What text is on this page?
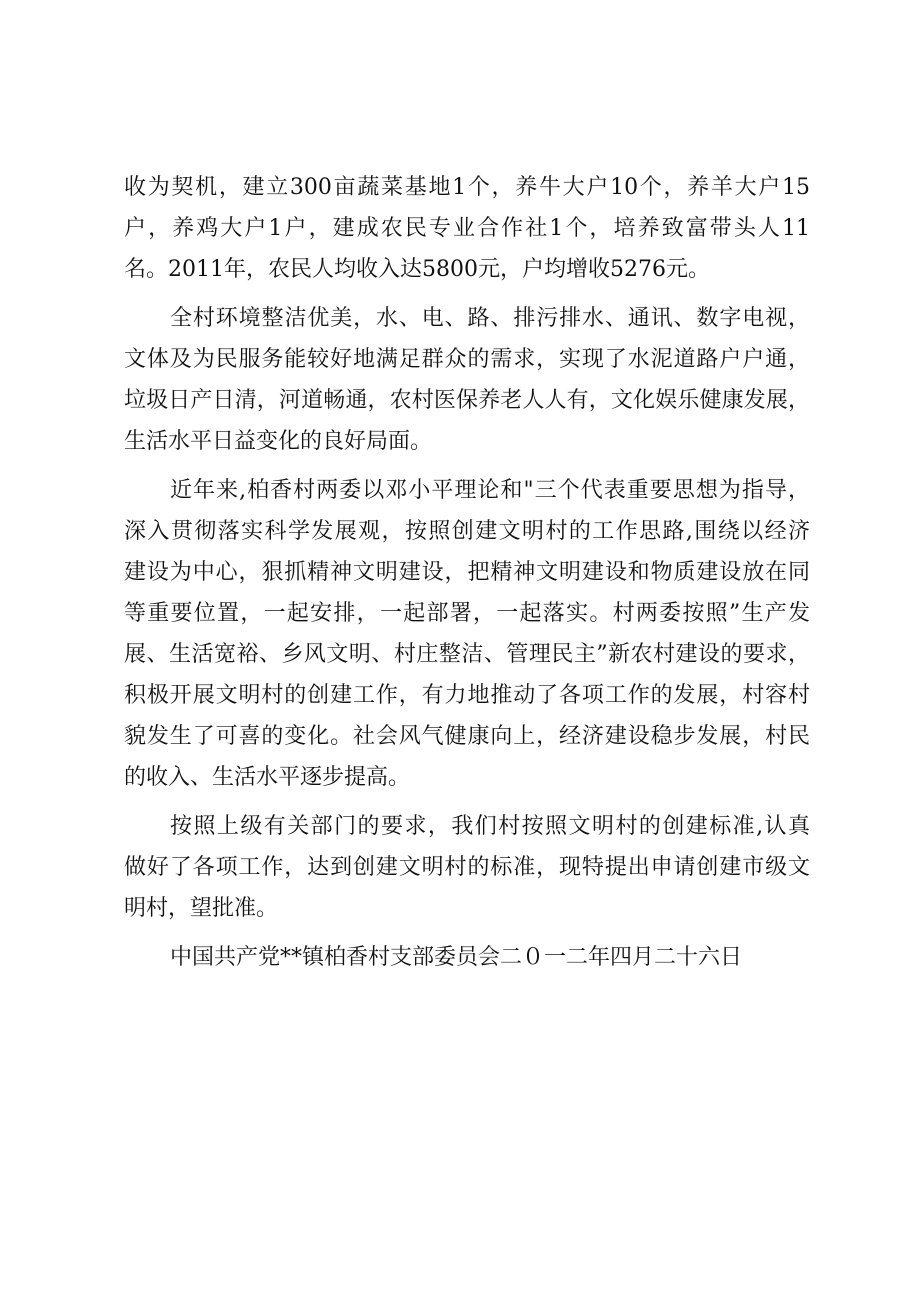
收为契机，建立300亩蔬菜基地1个，养牛大户10个，养羊大户15
户，养鸡大户1户，建成农民专业合作社1个，培养致富带头人11
名。2011年，农民人均收入达5800元，户均增收5276元。
全村环境整洁优美，水、电、路、排污排水、通讯、数字电视，
文体及为民服务能较好地满足群众的需求，实现了水泥道路户户通，
垃圾日产日清，河道畅通，农村医保养老人人有，文化娱乐健康发展，
生活水平日益变化的良好局面。
近年来,柏香村两委以邓小平理论和"三个代表重要思想为指导，
深入贯彻落实科学发展观，按照创建文明村的工作思路,围绕以经济
建设为中心，狠抓精神文明建设，把精神文明建设和物质建设放在同
等重要位置，一起安排，一起部署，一起落实。村两委按照”生产发
展、生活宽裕、乡风文明、村庄整洁、管理民主”新农村建设的要求，
积极开展文明村的创建工作，有力地推动了各项工作的发展，村容村
貌发生了可喜的变化。社会风气健康向上，经济建设稳步发展，村民
的收入、生活水平逐步提高。
按照上级有关部门的要求，我们村按照文明村的创建标准,认真
做好了各项工作，达到创建文明村的标准，现特提出申请创建市级文
明村，望批准。
中国共产党**镇柏香村支部委员会二０一二年四月二十六日
